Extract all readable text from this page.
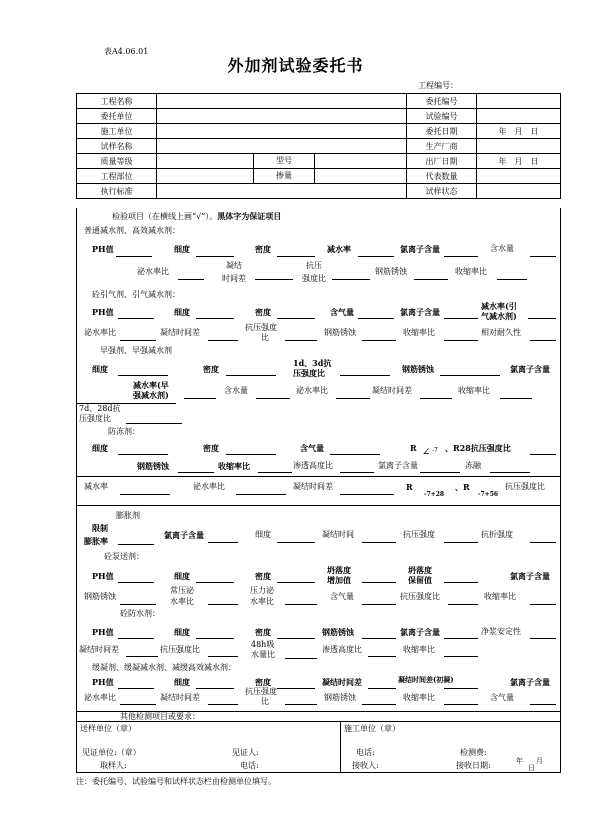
表A4.06.01
外加剂试验委托书
工程编号：
工程名称		委托编号	
委托单位		试验编号	
施工单位		委托日期	年　月　日
试样名称		生产厂商	
质量等级	型号	出厂日期	年　月　日
工程部位	掺量	代表数量	
执行标准		试样状态	
检验项目（在横线上画“√”）。黑体字为保证项目
普通减水剂、高效减水剂：
PH值	细度	密度	减水率	氯离子含量	含水量
泌水率比
凝结
时间差
抗压
强度比
钢筋锈蚀	收缩率比
砼引气剂、引气减水剂：
PH值	细度	密度	含气量	氯离子含量
减水率(引
气减水剂)
泌水率比	凝结时间差
抗压强度
比
钢筋锈蚀	收缩率比	相对耐久性
早强剂、早强减水剂
细度	密度
1d、3d抗
压强度比	钢筋锈蚀	氯离子含量
减水率(早
强减水剂)	含水量	泌水率比	凝结时间差	收缩率比
7d、28d抗
压强度比
防冻剂：
细度	密度	含气量	R ∠ -7 、R28抗压强度比
钢筋锈蚀	收缩率比	渗透高度比	氯离子含量	冻融
减水率	泌水率比	凝结时间差	R
-7+28
、R
-7+56
抗压强度比
膨胀剂
限制
膨胀率
氯离子含量	细度	凝结时间	抗压强度	抗折强度
砼泵送剂：
PH值	细度	密度
坍落度
增加值
坍落度
保留值	氯离子含量
钢筋锈蚀
常压泌
水率比
压力泌
水率比
含气量	抗压强度比	收缩率比
砼防水剂：
PH值	细度	密度	钢筋锈蚀	氯离子含量	净浆安定性
凝结时间差	抗压强度比
48h吸
水量比
渗透高度比	收缩率比
缓凝剂、缓凝减水剂、减缓高效减水剂：
PH值	细度	密度	凝结时间差	凝结时间差(初凝)	氯离子含量
泌水率比	凝结时间差
抗压强度
比	钢筋锈蚀	收缩率比	含气量
其他检测项目或要求：
送样单位（章）	施工单位（章）
见证单位:（章）	见证人:	电话:	检测费:
取样人:	电话:	接收人:	接收日期:	年 月
日
注：委托编号、试验编号和试样状态栏由检测单位填写。
